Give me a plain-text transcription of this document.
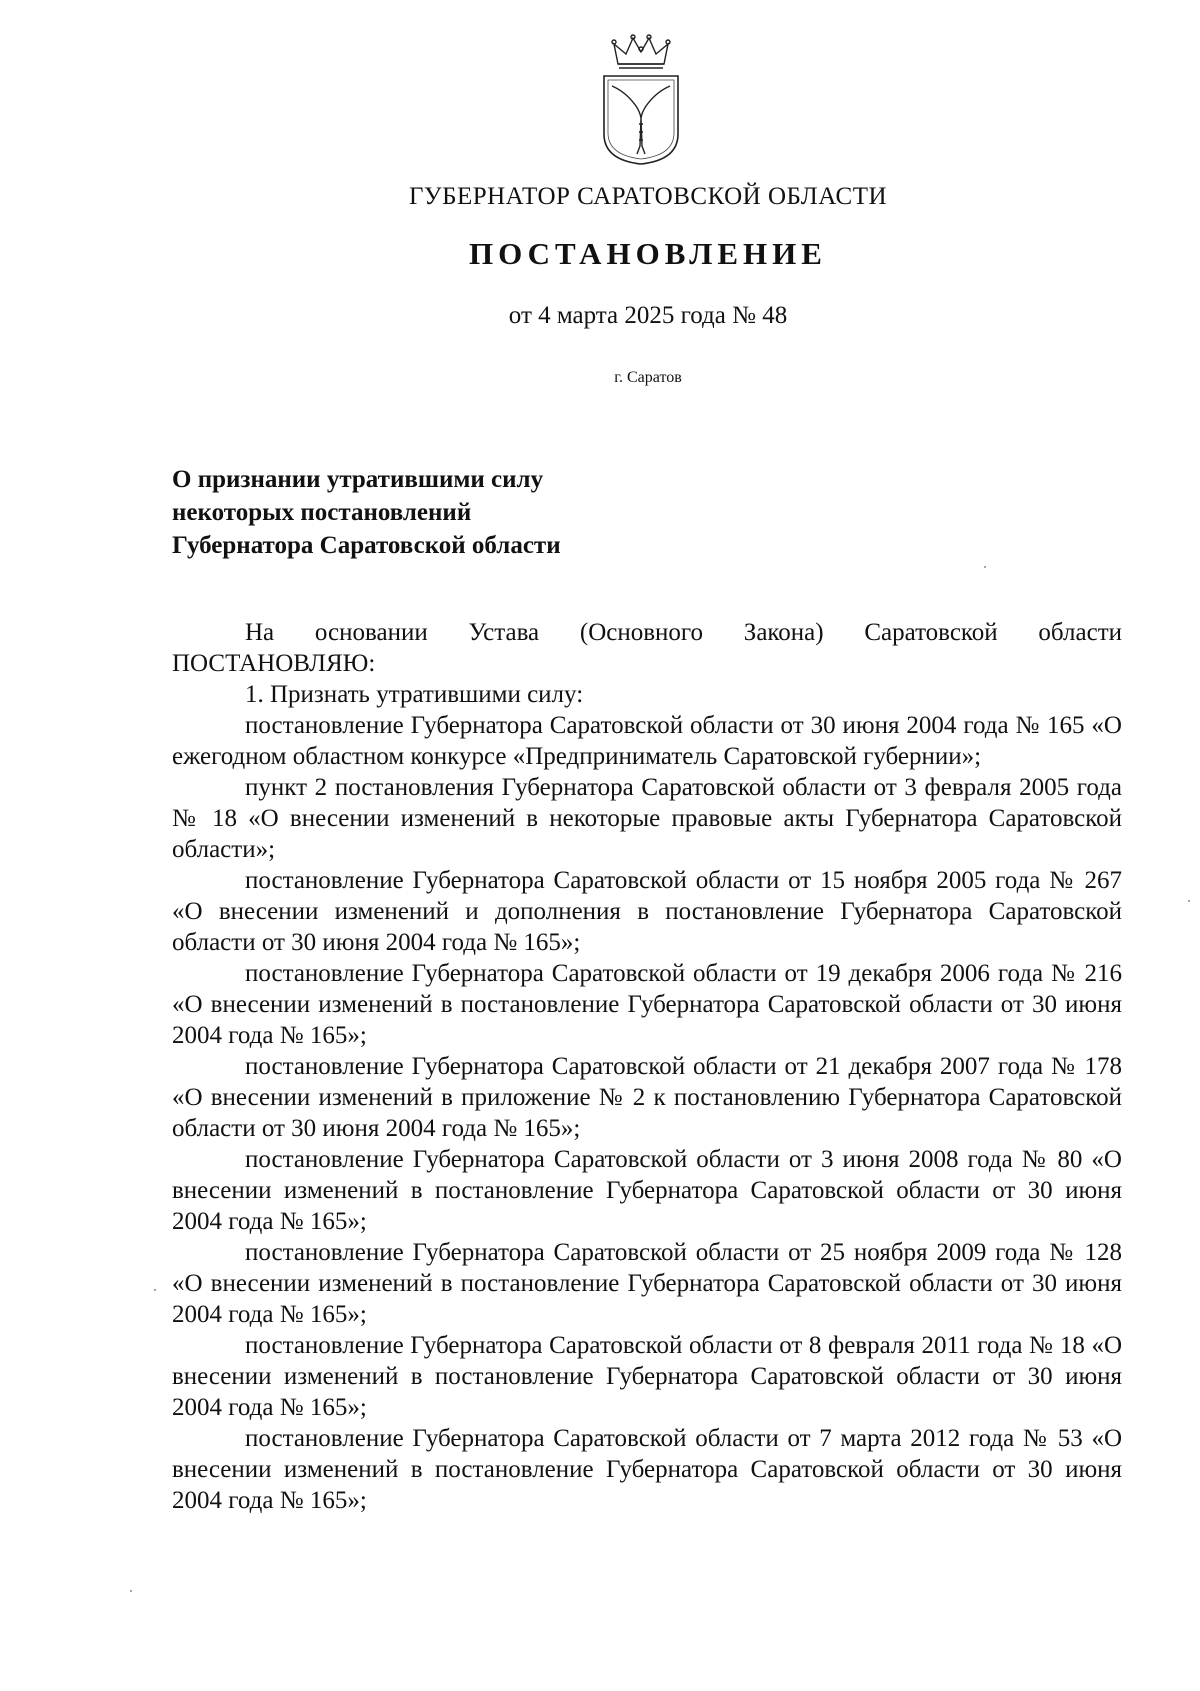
ГУБЕРНАТОР САРАТОВСКОЙ ОБЛАСТИ
ПОСТАНОВЛЕНИЕ
от 4 марта 2025 года № 48
г. Саратов
О признании утратившими силу
некоторых постановлений
Губернатора Саратовской области

На основании Устава (Основного Закона) Саратовской области ПОСТАНОВЛЯЮ:

1. Признать утратившими силу:

постановление Губернатора Саратовской области от 30 июня 2004 года № 165 «О ежегодном областном конкурсе «Предприниматель Саратовской губернии»;

пункт 2 постановления Губернатора Саратовской области от 3 февраля 2005 года № 18 «О внесении изменений в некоторые правовые акты Губернатора Саратовской области»;

постановление Губернатора Саратовской области от 15 ноября 2005 года № 267 «О внесении изменений и дополнения в постановление Губернатора Саратовской области от 30 июня 2004 года № 165»;

постановление Губернатора Саратовской области от 19 декабря 2006 года № 216 «О внесении изменений в постановление Губернатора Саратовской области от 30 июня 2004 года № 165»;

постановление Губернатора Саратовской области от 21 декабря 2007 года № 178 «О внесении изменений в приложение № 2 к постановлению Губернатора Саратовской области от 30 июня 2004 года № 165»;

постановление Губернатора Саратовской области от 3 июня 2008 года № 80 «О внесении изменений в постановление Губернатора Саратовской области от 30 июня 2004 года № 165»;

постановление Губернатора Саратовской области от 25 ноября 2009 года № 128 «О внесении изменений в постановление Губернатора Саратовской области от 30 июня 2004 года № 165»;

постановление Губернатора Саратовской области от 8 февраля 2011 года № 18 «О внесении изменений в постановление Губернатора Саратовской области от 30 июня 2004 года № 165»;

постановление Губернатора Саратовской области от 7 марта 2012 года № 53 «О внесении изменений в постановление Губернатора Саратовской области от 30 июня 2004 года № 165»;
